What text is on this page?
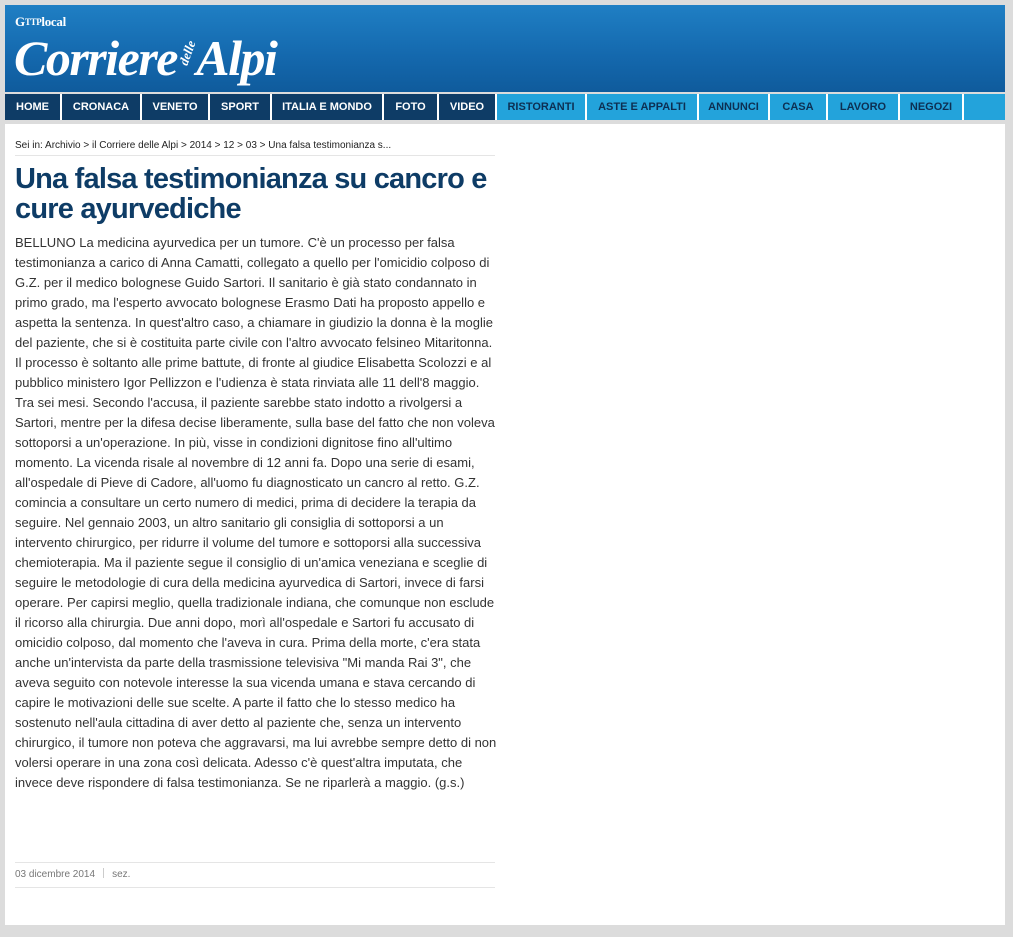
GTTPlocal
CorrieredelleAlpi
HOME	CRONACA	VENETO	SPORT	ITALIA E MONDO	FOTO	VIDEO	RISTORANTI	ASTE E APPALTI	ANNUNCI	CASA	LAVORO	NEGOZI
Sei in: Archivio > il Corriere delle Alpi > 2014 > 12 > 03 > Una falsa testimonianza s...
Una falsa testimonianza su cancro e cure ayurvediche

BELLUNO La medicina ayurvedica per un tumore. C'è un processo per falsa testimonianza a carico di Anna Camatti, collegato a quello per l'omicidio colposo di G.Z. per il medico bolognese Guido Sartori. Il sanitario è già stato condannato in primo grado, ma l'esperto avvocato bolognese Erasmo Dati ha proposto appello e aspetta la sentenza. In quest'altro caso, a chiamare in giudizio la donna è la moglie del paziente, che si è costituita parte civile con l'altro avvocato felsineo Mitaritonna. Il processo è soltanto alle prime battute, di fronte al giudice Elisabetta Scolozzi e al pubblico ministero Igor Pellizzon e l'udienza è stata rinviata alle 11 dell'8 maggio. Tra sei mesi. Secondo l'accusa, il paziente sarebbe stato indotto a rivolgersi a Sartori, mentre per la difesa decise liberamente, sulla base del fatto che non voleva sottoporsi a un'operazione. In più, visse in condizioni dignitose fino all'ultimo momento. La vicenda risale al novembre di 12 anni fa. Dopo una serie di esami, all'ospedale di Pieve di Cadore, all'uomo fu diagnosticato un cancro al retto. G.Z. comincia a consultare un certo numero di medici, prima di decidere la terapia da seguire. Nel gennaio 2003, un altro sanitario gli consiglia di sottoporsi a un intervento chirurgico, per ridurre il volume del tumore e sottoporsi alla successiva chemioterapia. Ma il paziente segue il consiglio di un'amica veneziana e sceglie di seguire le metodologie di cura della medicina ayurvedica di Sartori, invece di farsi operare. Per capirsi meglio, quella tradizionale indiana, che comunque non esclude il ricorso alla chirurgia. Due anni dopo, morì all'ospedale e Sartori fu accusato di omicidio colposo, dal momento che l'aveva in cura. Prima della morte, c'era stata anche un'intervista da parte della trasmissione televisiva "Mi manda Rai 3", che aveva seguito con notevole interesse la sua vicenda umana e stava cercando di capire le motivazioni delle sue scelte. A parte il fatto che lo stesso medico ha sostenuto nell'aula cittadina di aver detto al paziente che, senza un intervento chirurgico, il tumore non poteva che aggravarsi, ma lui avrebbe sempre detto di non volersi operare in una zona così delicata. Adesso c'è quest'altra imputata, che invece deve rispondere di falsa testimonianza. Se ne riparlerà a maggio. (g.s.)

03 dicembre 2014 sez.
